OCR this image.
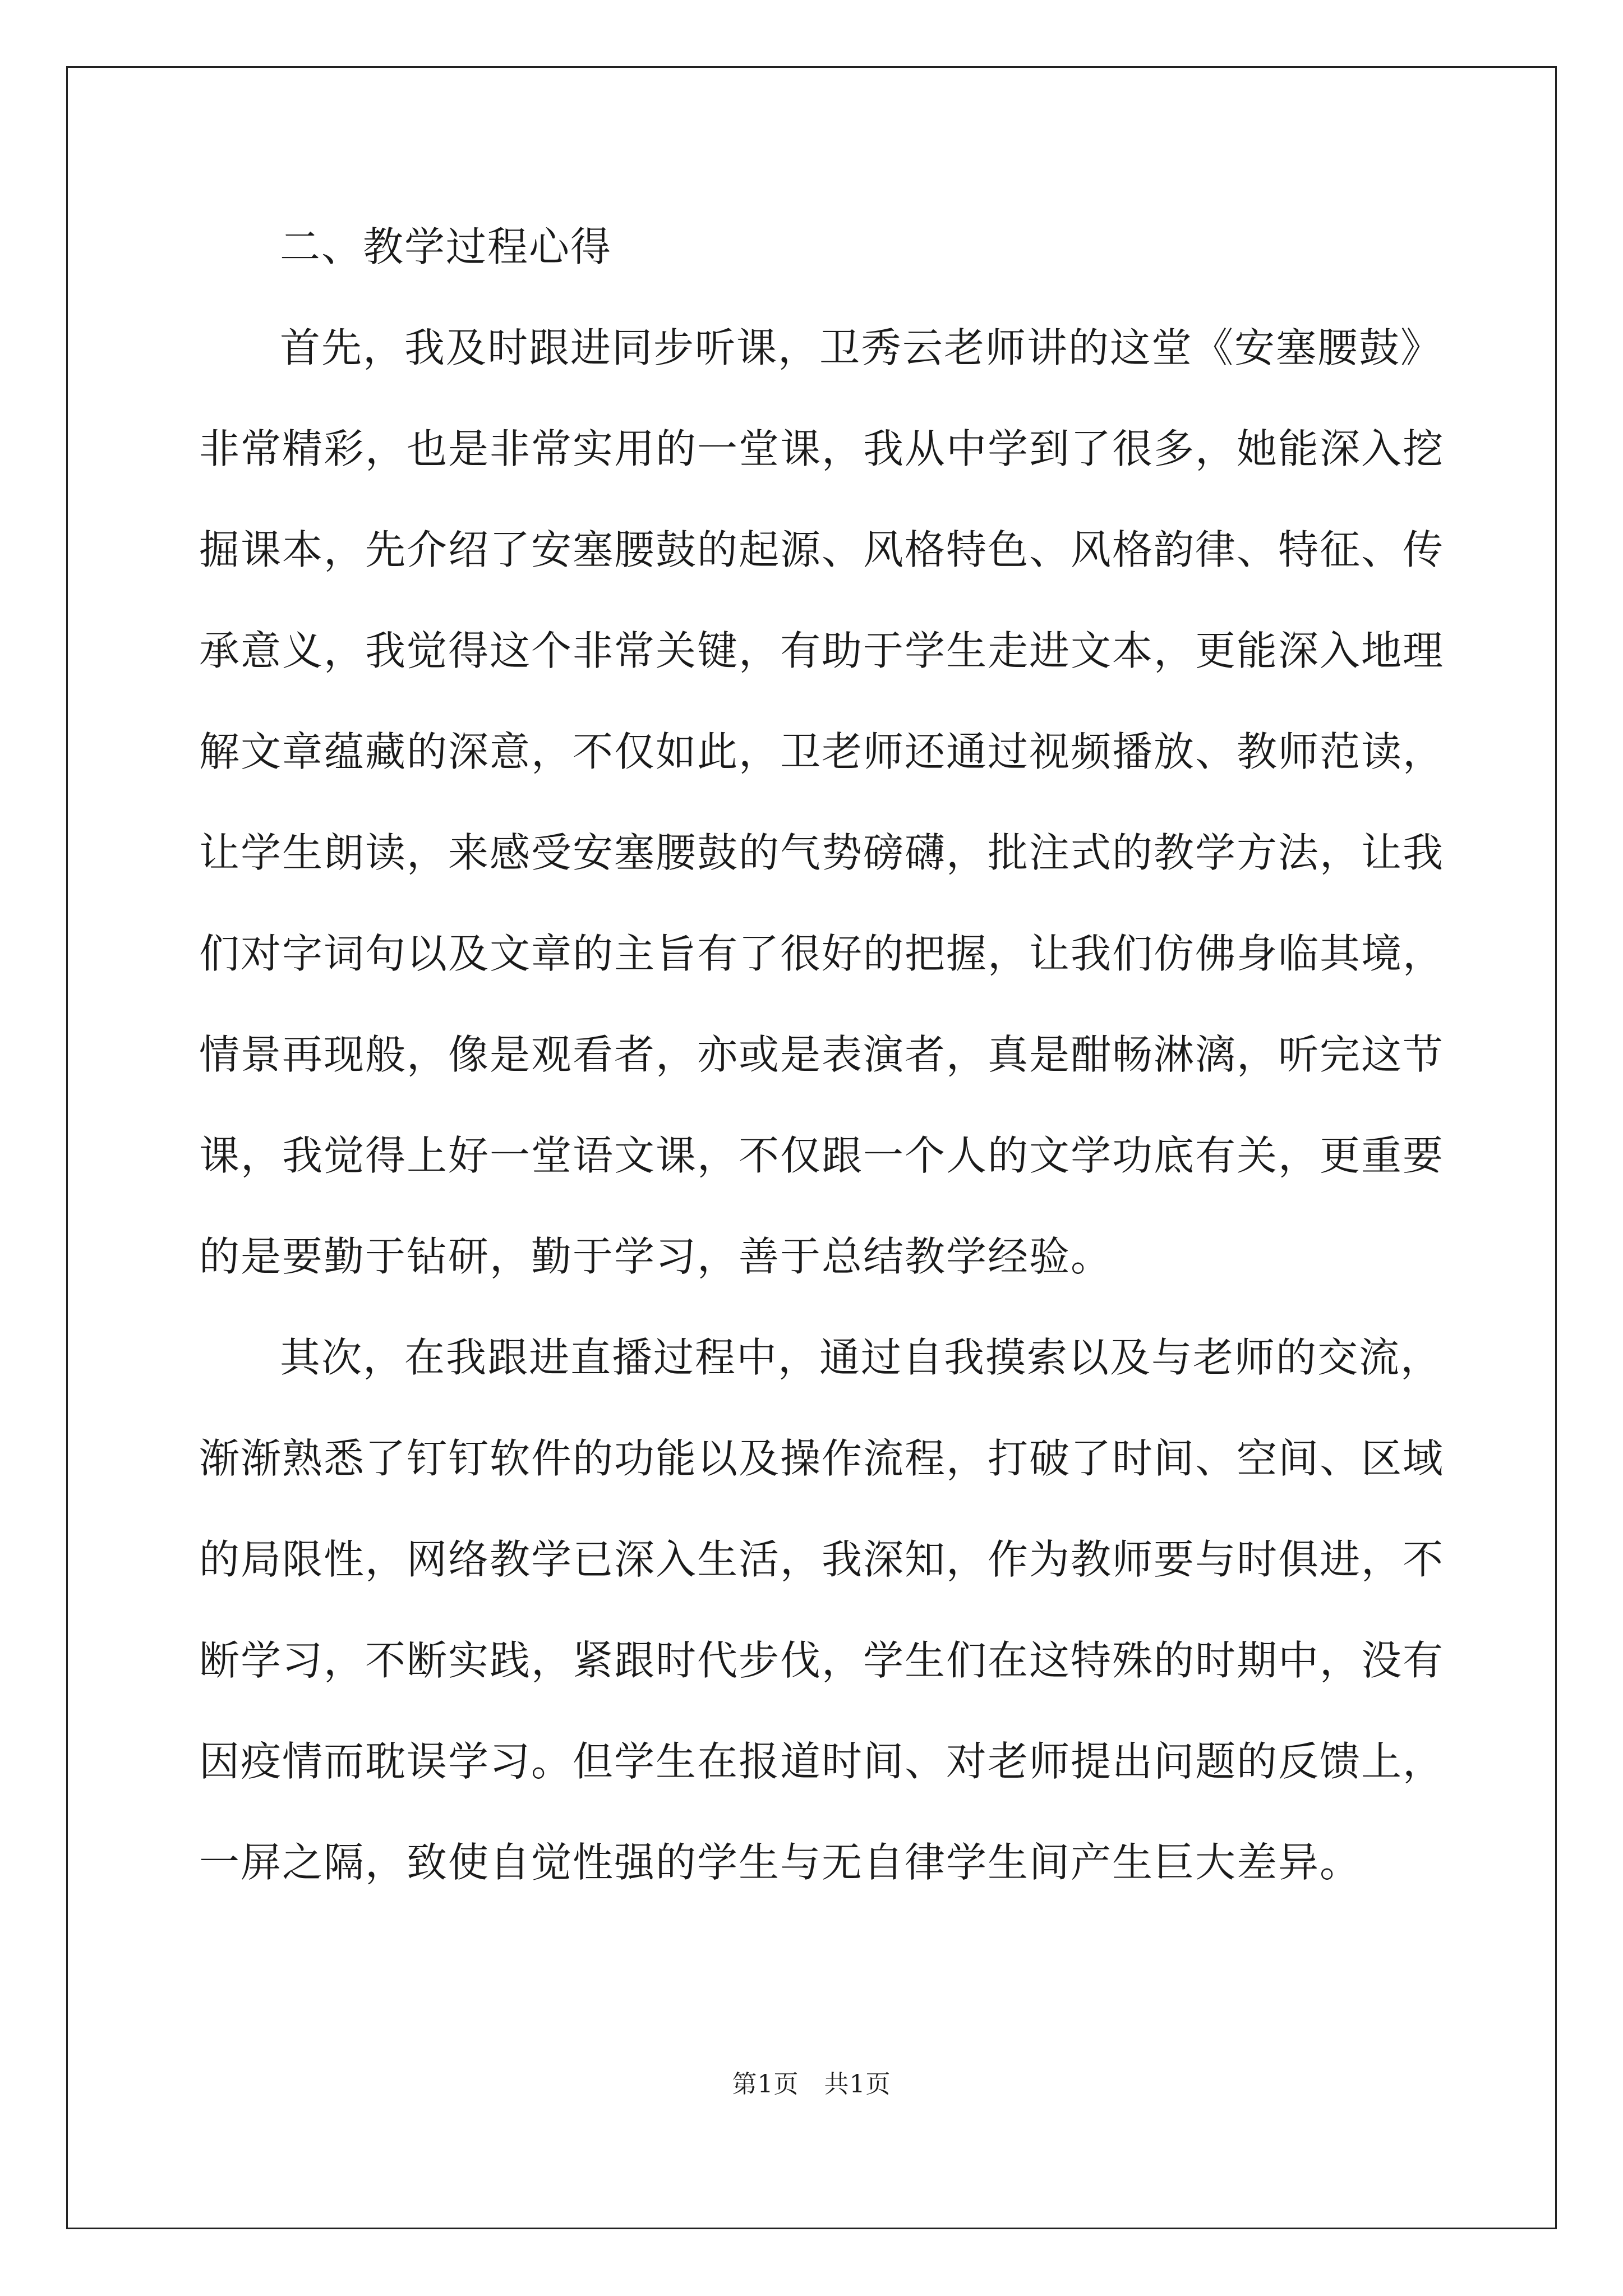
二、教学过程心得
首先，我及时跟进同步听课，卫秀云老师讲的这堂《安塞腰鼓》
非常精彩，也是非常实用的一堂课，我从中学到了很多，她能深入挖
掘课本，先介绍了安塞腰鼓的起源、风格特色、风格韵律、特征、传
承意义，我觉得这个非常关键，有助于学生走进文本，更能深入地理
解文章蕴藏的深意，不仅如此，卫老师还通过视频播放、教师范读，
让学生朗读，来感受安塞腰鼓的气势磅礴，批注式的教学方法，让我
们对字词句以及文章的主旨有了很好的把握，让我们仿佛身临其境，
情景再现般，像是观看者，亦或是表演者，真是酣畅淋漓，听完这节
课，我觉得上好一堂语文课，不仅跟一个人的文学功底有关，更重要
的是要勤于钻研，勤于学习，善于总结教学经验。
其次，在我跟进直播过程中，通过自我摸索以及与老师的交流，
渐渐熟悉了钉钉软件的功能以及操作流程，打破了时间、空间、区域
的局限性，网络教学已深入生活，我深知，作为教师要与时俱进，不
断学习，不断实践，紧跟时代步伐，学生们在这特殊的时期中，没有
因疫情而耽误学习。但学生在报道时间、对老师提出问题的反馈上，
一屏之隔，致使自觉性强的学生与无自律学生间产生巨大差异。
第1页　共1页
